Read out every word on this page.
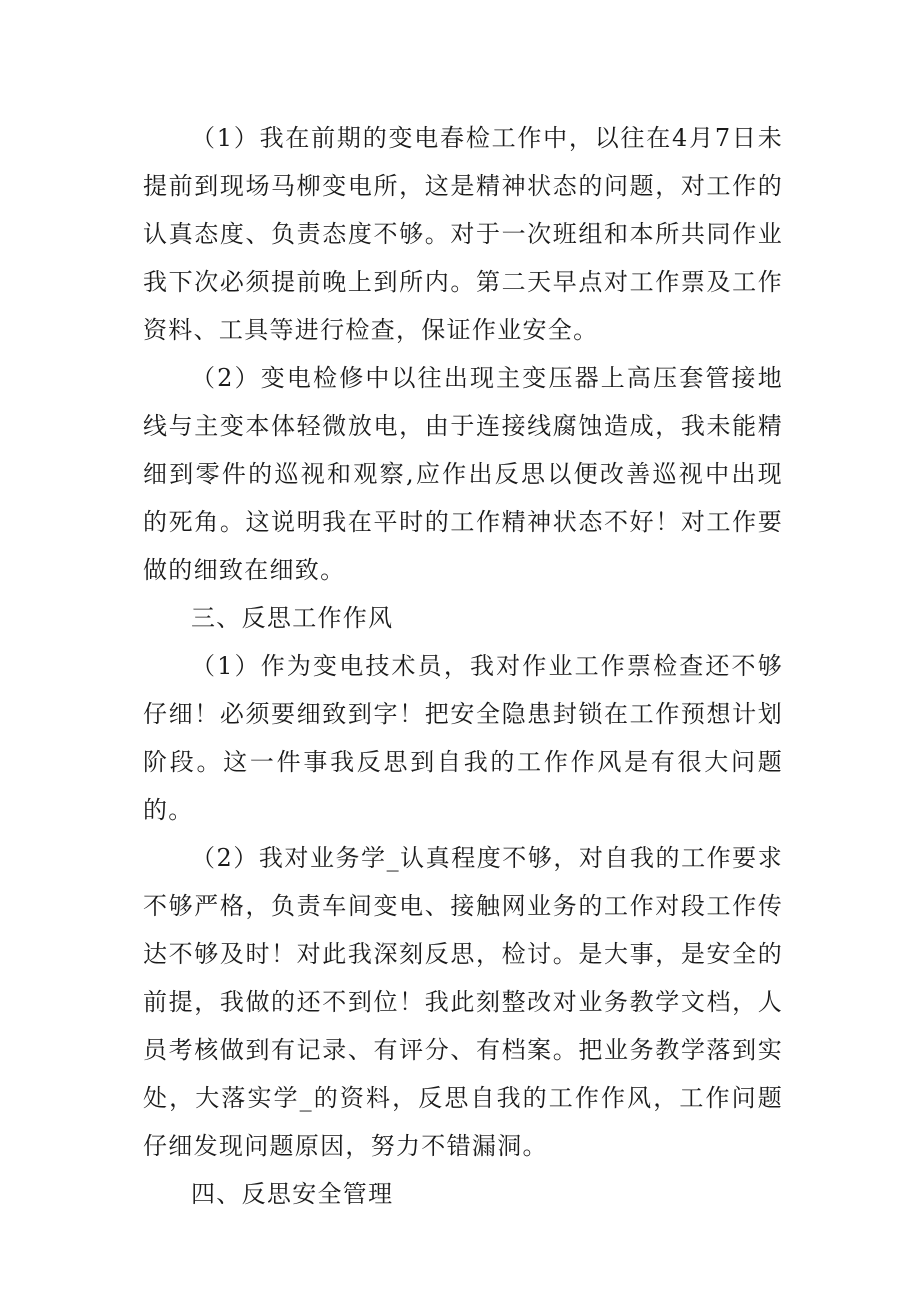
（1）我在前期的变电春检工作中，以往在4月7日未提前到现场马柳变电所，这是精神状态的问题，对工作的认真态度、负责态度不够。对于一次班组和本所共同作业我下次必须提前晚上到所内。第二天早点对工作票及工作资料、工具等进行检查，保证作业安全。

（2）变电检修中以往出现主变压器上高压套管接地线与主变本体轻微放电，由于连接线腐蚀造成，我未能精细到零件的巡视和观察,应作出反思以便改善巡视中出现的死角。这说明我在平时的工作精神状态不好！对工作要做的细致在细致。

三、反思工作作风

（1）作为变电技术员，我对作业工作票检查还不够仔细！必须要细致到字！把安全隐患封锁在工作预想计划阶段。这一件事我反思到自我的工作作风是有很大问题的。

（2）我对业务学_认真程度不够，对自我的工作要求不够严格，负责车间变电、接触网业务的工作对段工作传达不够及时！对此我深刻反思，检讨。是大事，是安全的前提，我做的还不到位！我此刻整改对业务教学文档，人员考核做到有记录、有评分、有档案。把业务教学落到实处，大落实学_的资料，反思自我的工作作风，工作问题仔细发现问题原因，努力不错漏洞。

四、反思安全管理
